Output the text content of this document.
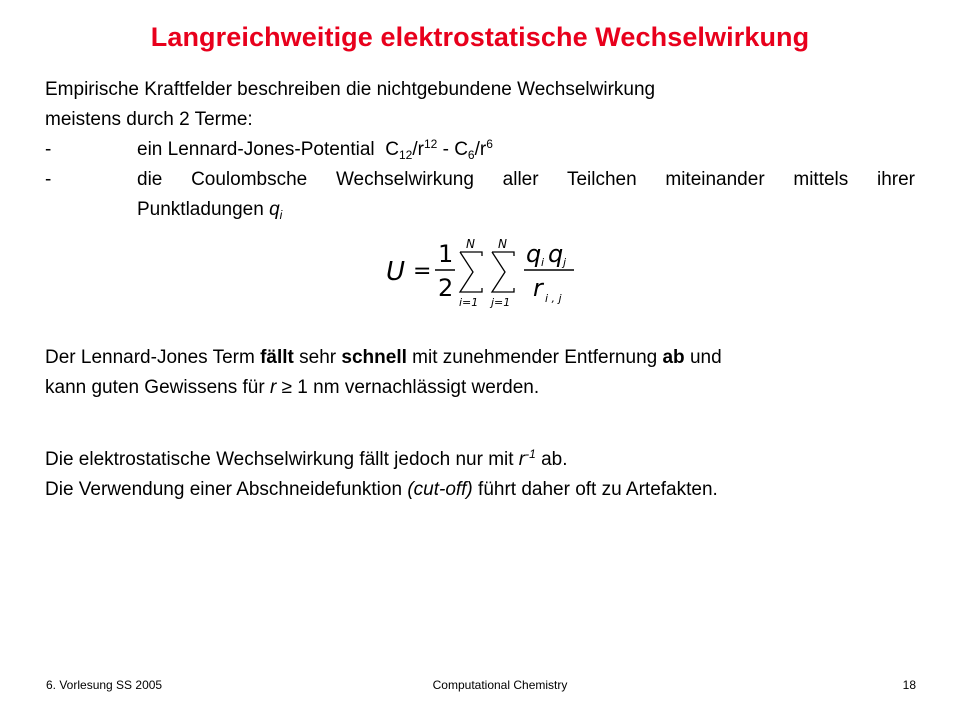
Langreichweitige elektrostatische Wechselwirkung
Empirische Kraftfelder beschreiben die nichtgebundene Wechselwirkung
meistens durch 2 Terme:
-	ein Lennard-Jones-Potential $C_{12}/r^{12} - C_6/r^6$
-	die Coulombsche Wechselwirkung aller Teilchen miteinander mittels ihrer
Punktladungen $q_i$
Der Lennard-Jones Term fällt sehr schnell mit zunehmender Entfernung ab und
kann guten Gewissens für r ≥ 1 nm vernachlässigt werden.
Die elektrostatische Wechselwirkung fällt jedoch nur mit $r^{-1}$ ab.
Die Verwendung einer Abschneidefunktion (cut-off) führt daher oft zu Artefakten.
U =
1
2
N
i=1
N
j=1
q i q j
r i , j
6. Vorlesung SS 2005	Computational Chemistry	18
